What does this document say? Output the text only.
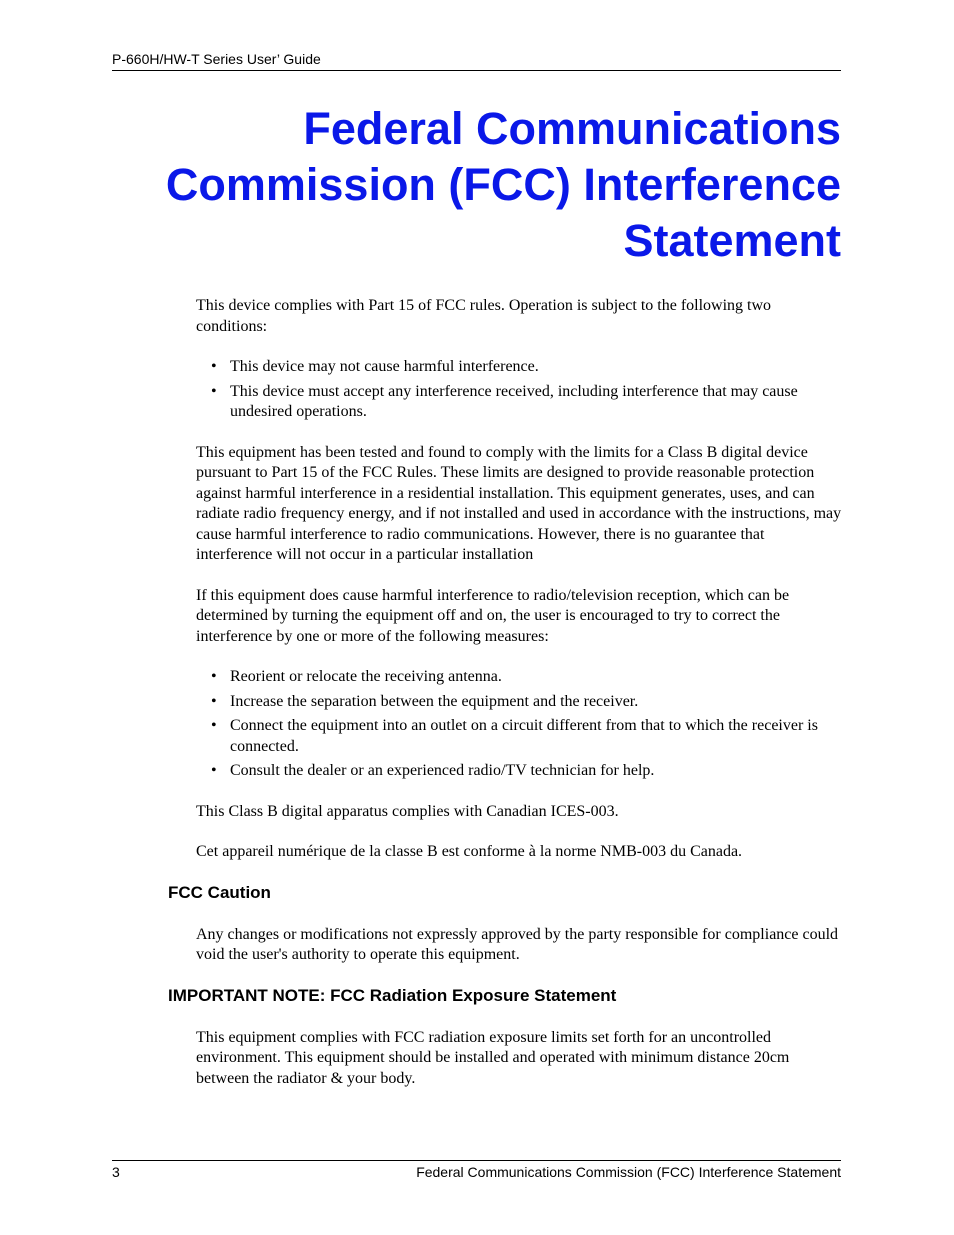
P-660H/HW-T Series User’ Guide
Federal Communications
Commission (FCC) Interference
Statement

This device complies with Part 15 of FCC rules. Operation is subject to the following two conditions:

• This device may not cause harmful interference.
• This device must accept any interference received, including interference that may cause undesired operations.

This equipment has been tested and found to comply with the limits for a Class B digital device pursuant to Part 15 of the FCC Rules. These limits are designed to provide reasonable protection against harmful interference in a residential installation. This equipment generates, uses, and can radiate radio frequency energy, and if not installed and used in accordance with the instructions, may cause harmful interference to radio communications. However, there is no guarantee that interference will not occur in a particular installation

If this equipment does cause harmful interference to radio/television reception, which can be determined by turning the equipment off and on, the user is encouraged to try to correct the interference by one or more of the following measures:

• Reorient or relocate the receiving antenna.
• Increase the separation between the equipment and the receiver.
• Connect the equipment into an outlet on a circuit different from that to which the receiver is connected.
• Consult the dealer or an experienced radio/TV technician for help.

This Class B digital apparatus complies with Canadian ICES-003.

Cet appareil numérique de la classe B est conforme à la norme NMB-003 du Canada.

FCC Caution

Any changes or modifications not expressly approved by the party responsible for compliance could void the user's authority to operate this equipment.

IMPORTANT NOTE: FCC Radiation Exposure Statement

This equipment complies with FCC radiation exposure limits set forth for an uncontrolled environment. This equipment should be installed and operated with minimum distance 20cm between the radiator & your body.

3	Federal Communications Commission (FCC) Interference Statement
